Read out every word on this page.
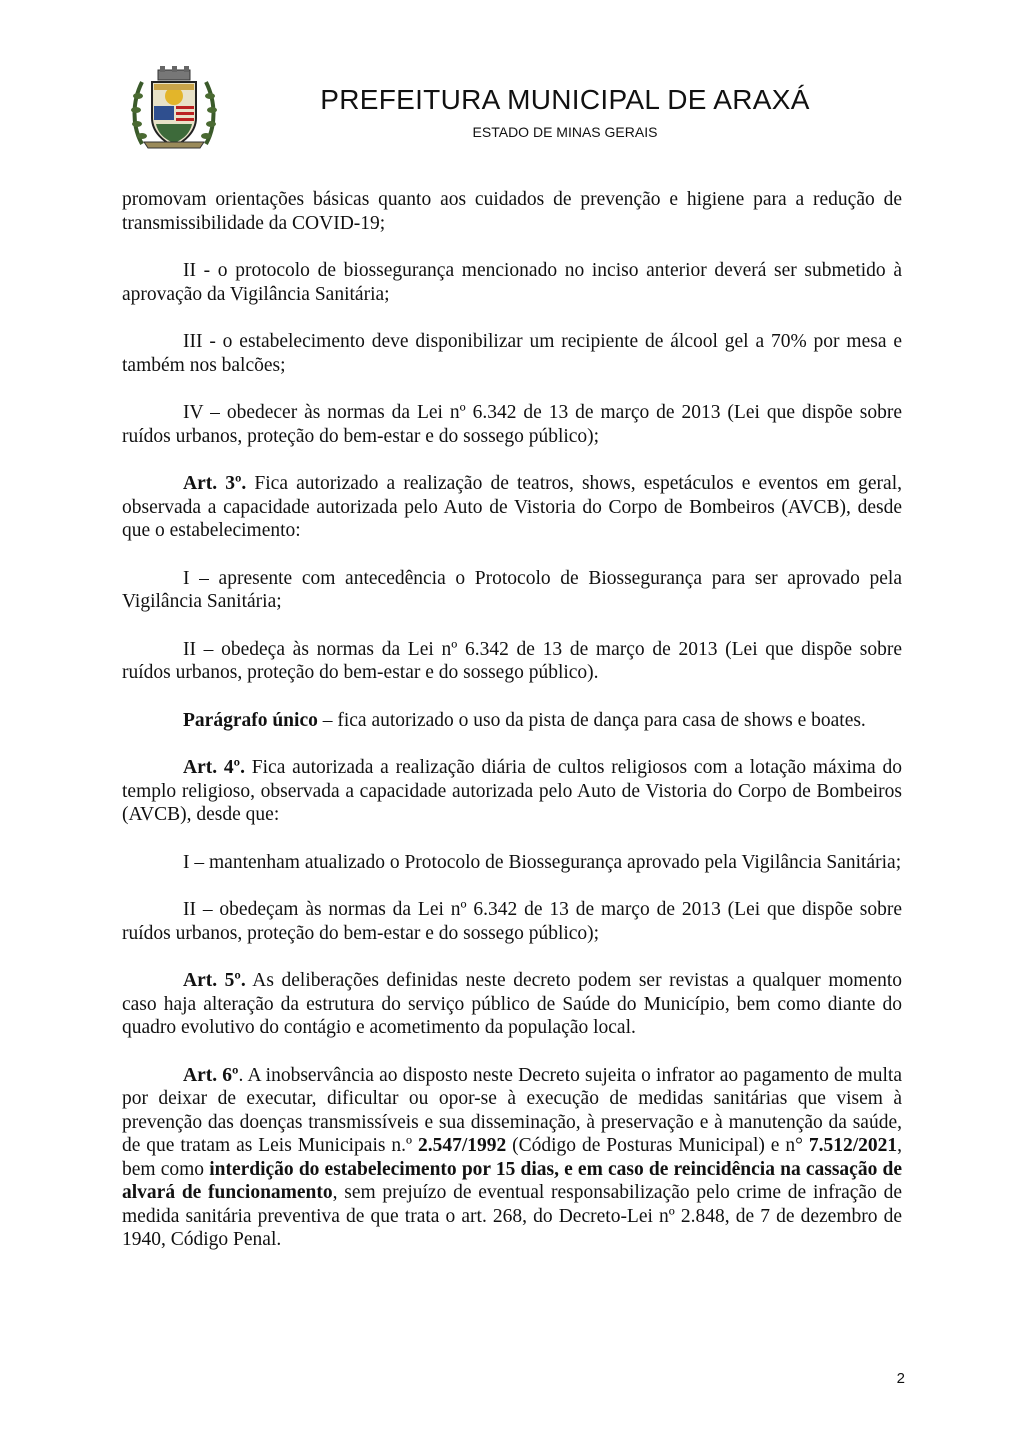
PREFEITURA MUNICIPAL DE ARAXÁ
ESTADO DE MINAS GERAIS

promovam orientações básicas quanto aos cuidados de prevenção e higiene para a redução de transmissibilidade da COVID-19;

II - o protocolo de biossegurança mencionado no inciso anterior deverá ser submetido à aprovação da Vigilância Sanitária;

III - o estabelecimento deve disponibilizar um recipiente de álcool gel a 70% por mesa e também nos balcões;

IV – obedecer às normas da Lei nº 6.342 de 13 de março de 2013 (Lei que dispõe sobre ruídos urbanos, proteção do bem-estar e do sossego público);

Art. 3º. Fica autorizado a realização de teatros, shows, espetáculos e eventos em geral, observada a capacidade autorizada pelo Auto de Vistoria do Corpo de Bombeiros (AVCB), desde que o estabelecimento:

I – apresente com antecedência o Protocolo de Biossegurança para ser aprovado pela Vigilância Sanitária;

II – obedeça às normas da Lei nº 6.342 de 13 de março de 2013 (Lei que dispõe sobre ruídos urbanos, proteção do bem-estar e do sossego público).

Parágrafo único – fica autorizado o uso da pista de dança para casa de shows e boates.

Art. 4º. Fica autorizada a realização diária de cultos religiosos com a lotação máxima do templo religioso, observada a capacidade autorizada pelo Auto de Vistoria do Corpo de Bombeiros (AVCB), desde que:

I – mantenham atualizado o Protocolo de Biossegurança aprovado pela Vigilância Sanitária;

II – obedeçam às normas da Lei nº 6.342 de 13 de março de 2013 (Lei que dispõe sobre ruídos urbanos, proteção do bem-estar e do sossego público);

Art. 5º. As deliberações definidas neste decreto podem ser revistas a qualquer momento caso haja alteração da estrutura do serviço público de Saúde do Município, bem como diante do quadro evolutivo do contágio e acometimento da população local.

Art. 6º. A inobservância ao disposto neste Decreto sujeita o infrator ao pagamento de multa por deixar de executar, dificultar ou opor-se à execução de medidas sanitárias que visem à prevenção das doenças transmissíveis e sua disseminação, à preservação e à manutenção da saúde, de que tratam as Leis Municipais n.º 2.547/1992 (Código de Posturas Municipal) e n° 7.512/2021, bem como interdição do estabelecimento por 15 dias, e em caso de reincidência na cassação de alvará de funcionamento, sem prejuízo de eventual responsabilização pelo crime de infração de medida sanitária preventiva de que trata o art. 268, do Decreto-Lei nº 2.848, de 7 de dezembro de 1940, Código Penal.

2
